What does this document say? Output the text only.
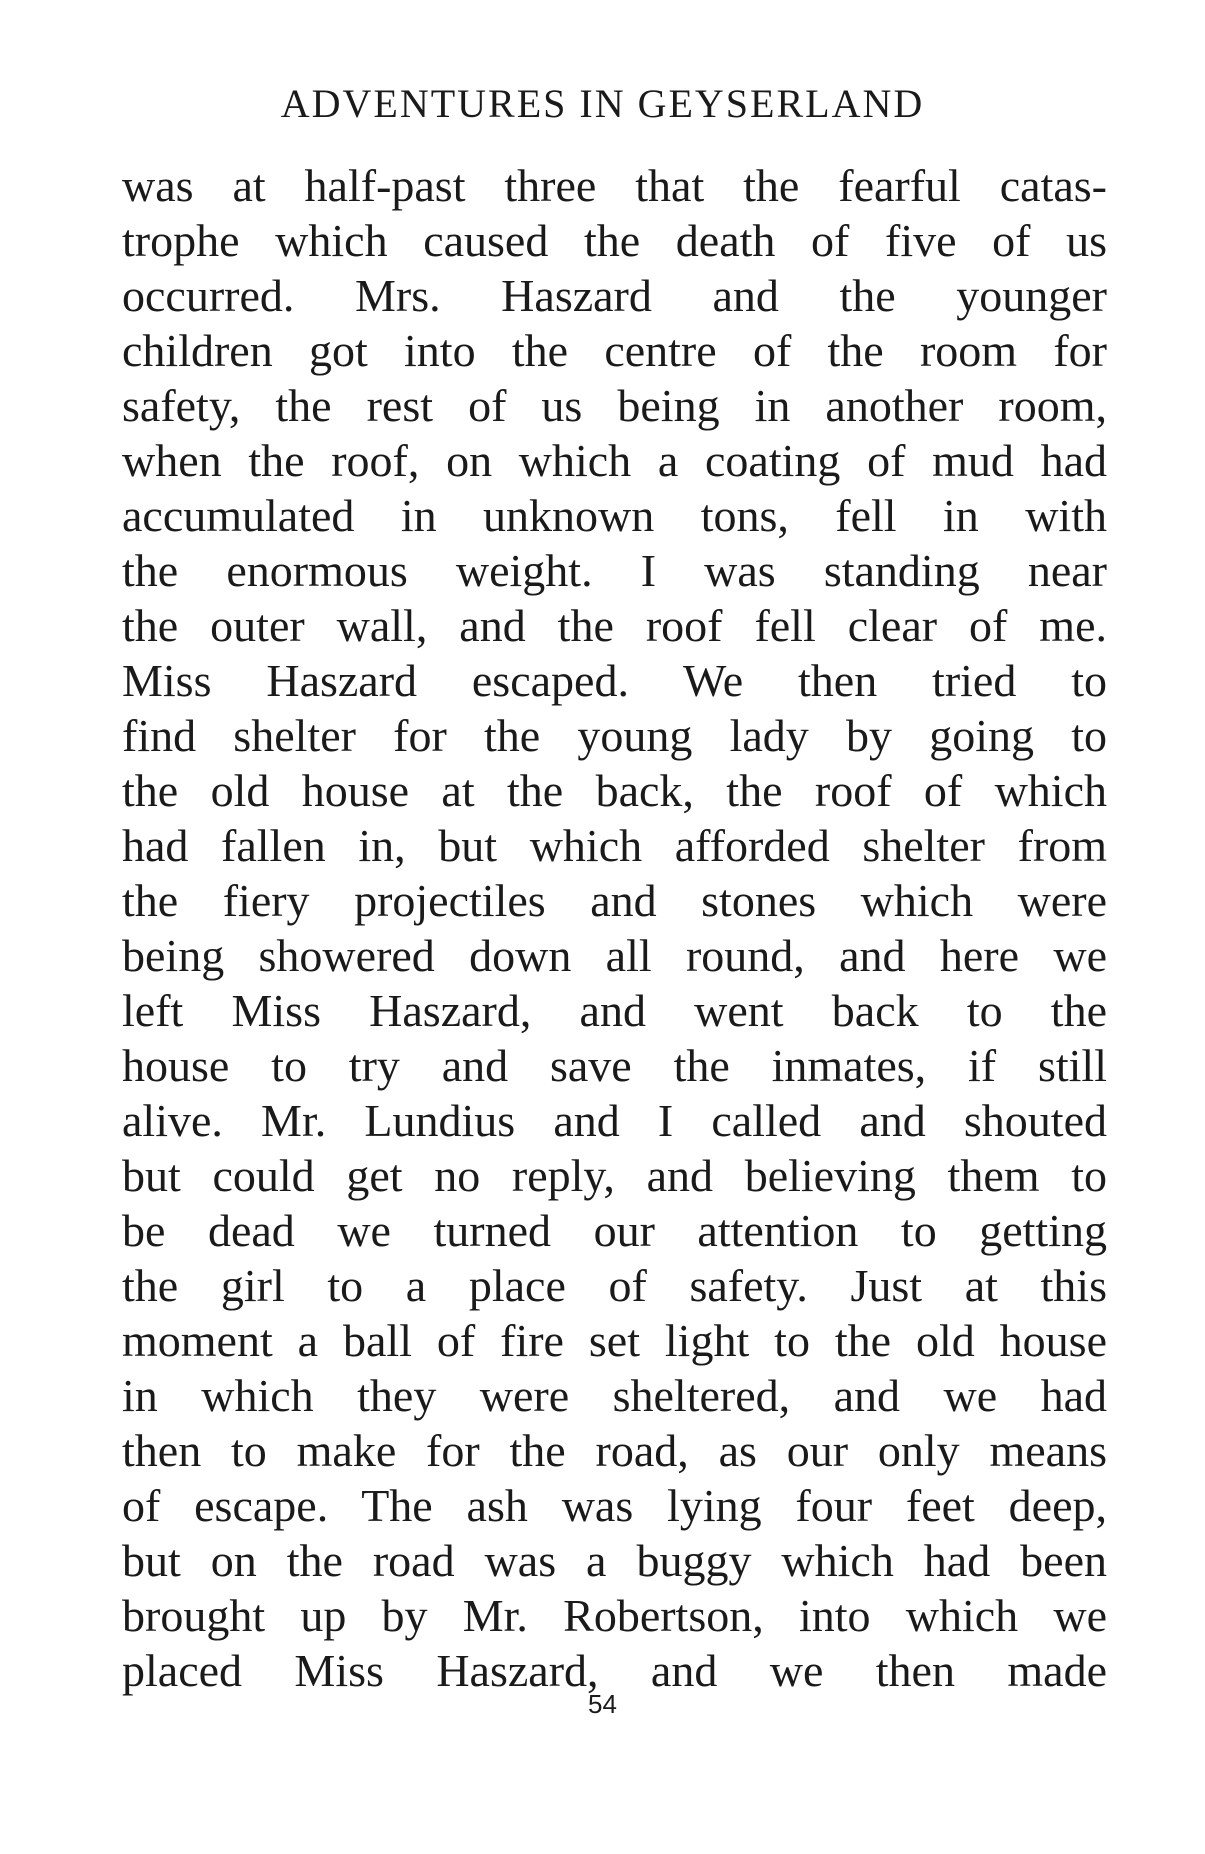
ADVENTURES IN GEYSERLAND
was at half-past three that the fearful catas-
trophe which caused the death of five of us
occurred. Mrs. Haszard and the younger
children got into the centre of the room for
safety, the rest of us being in another room,
when the roof, on which a coating of mud had
accumulated in unknown tons, fell in with
the enormous weight. I was standing near
the outer wall, and the roof fell clear of me.
Miss Haszard escaped. We then tried to
find shelter for the young lady by going to
the old house at the back, the roof of which
had fallen in, but which afforded shelter from
the fiery projectiles and stones which were
being showered down all round, and here we
left Miss Haszard, and went back to the
house to try and save the inmates, if still
alive. Mr. Lundius and I called and shouted
but could get no reply, and believing them to
be dead we turned our attention to getting
the girl to a place of safety. Just at this
moment a ball of fire set light to the old house
in which they were sheltered, and we had
then to make for the road, as our only means
of escape. The ash was lying four feet deep,
but on the road was a buggy which had been
brought up by Mr. Robertson, into which we
placed Miss Haszard, and we then made
54
